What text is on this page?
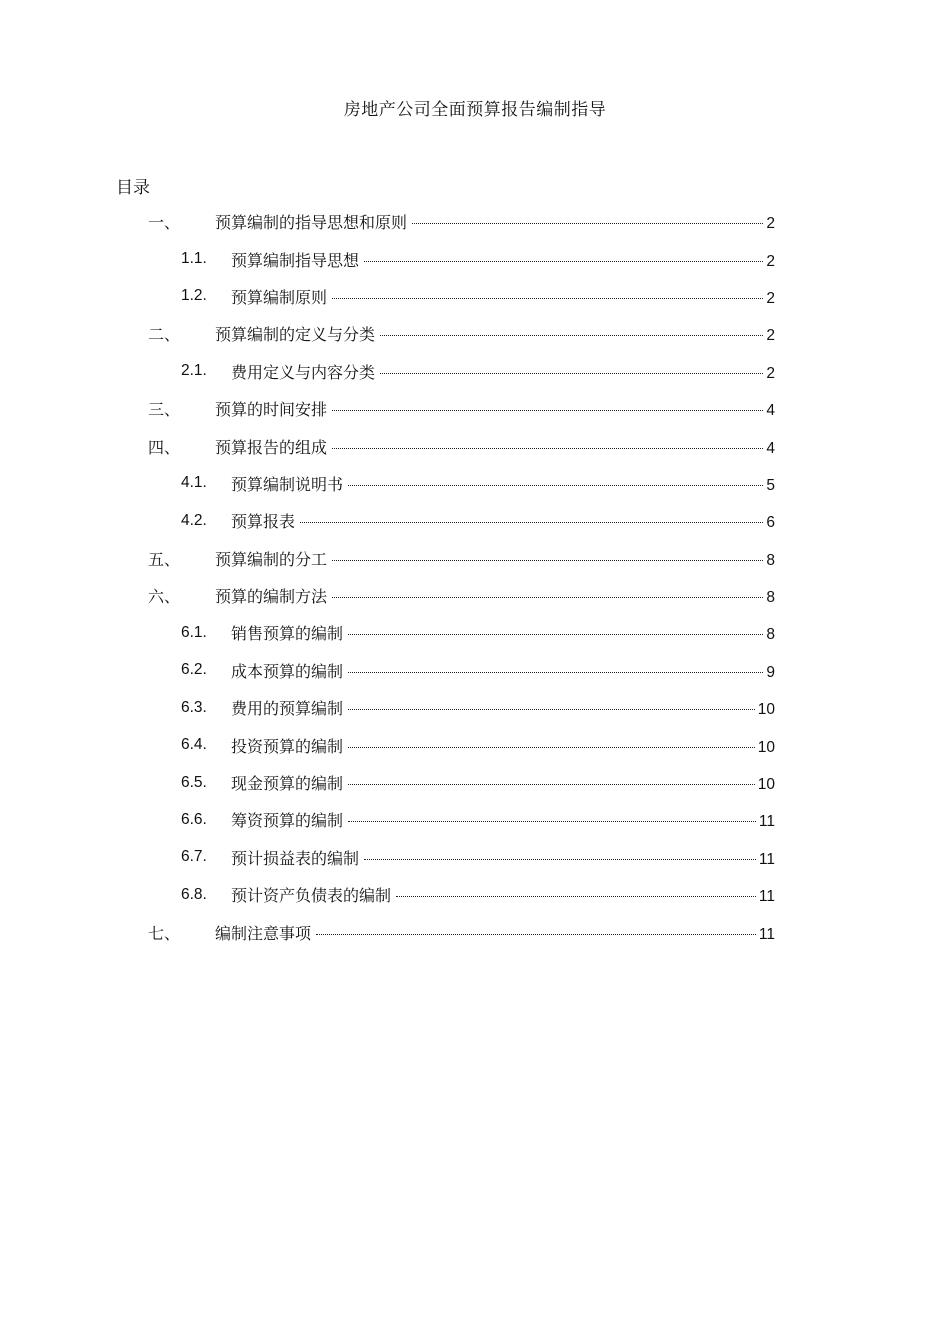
房地产公司全面预算报告编制指导
目录
一、 预算编制的指导思想和原则	2
1.1. 预算编制指导思想	2
1.2. 预算编制原则	2
二、 预算编制的定义与分类	2
2.1. 费用定义与内容分类	2
三、 预算的时间安排	4
四、 预算报告的组成	4
4.1. 预算编制说明书	5
4.2. 预算报表	6
五、 预算编制的分工	8
六、 预算的编制方法	8
6.1. 销售预算的编制	8
6.2. 成本预算的编制	9
6.3. 费用的预算编制	10
6.4. 投资预算的编制	10
6.5. 现金预算的编制	10
6.6. 筹资预算的编制	11
6.7. 预计损益表的编制	11
6.8. 预计资产负债表的编制	11
七、 编制注意事项	11
